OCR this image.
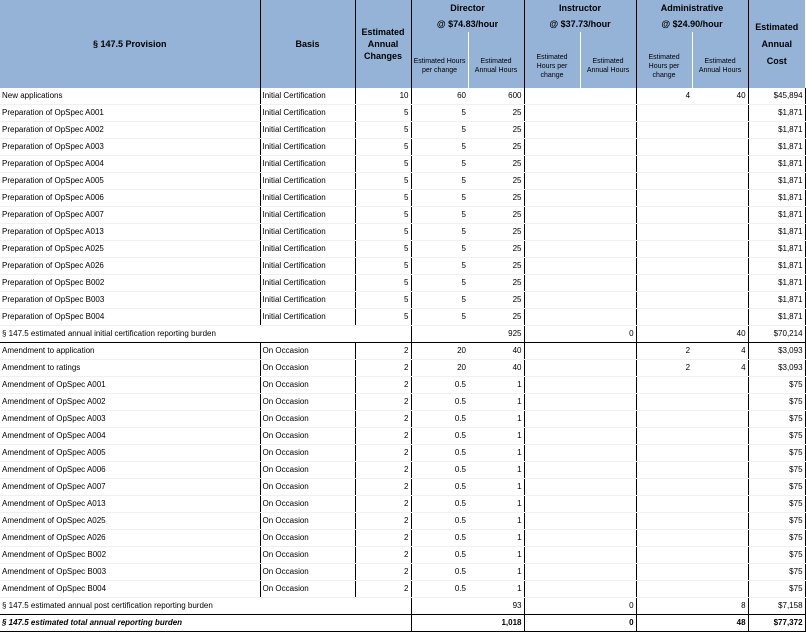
§ 147.5 Provision	Basis	Estimated Annual Changes	Director		Instructor		Administrative		Estimated Annual Cost
			@ $74.83/hour		@ $37.73/hour		@ $24.90/hour		
			Estimated Hours per change	Estimated Annual Hours	Estimated Hours per change	Estimated Annual Hours	Estimated Hours per change	Estimated Annual Hours	
New applications	Initial Certification	10	60	600			4	40	$45,894
Preparation of OpSpec A001	Initial Certification	5	5	25					$1,871
Preparation of OpSpec A002	Initial Certification	5	5	25					$1,871
Preparation of OpSpec A003	Initial Certification	5	5	25					$1,871
Preparation of OpSpec A004	Initial Certification	5	5	25					$1,871
Preparation of OpSpec A005	Initial Certification	5	5	25					$1,871
Preparation of OpSpec A006	Initial Certification	5	5	25					$1,871
Preparation of OpSpec A007	Initial Certification	5	5	25					$1,871
Preparation of OpSpec A013	Initial Certification	5	5	25					$1,871
Preparation of OpSpec A025	Initial Certification	5	5	25					$1,871
Preparation of OpSpec A026	Initial Certification	5	5	25					$1,871
Preparation of OpSpec B002	Initial Certification	5	5	25					$1,871
Preparation of OpSpec B003	Initial Certification	5	5	25					$1,871
Preparation of OpSpec B004	Initial Certification	5	5	25					$1,871
§ 147.5 estimated annual initial certification reporting burden				925		0		40	$70,214
Amendment to application	On Occasion	2	20	40			2	4	$3,093
Amendment to ratings	On Occasion	2	20	40			2	4	$3,093
Amendment of OpSpec A001	On Occasion	2	0.5	1					$75
Amendment of OpSpec A002	On Occasion	2	0.5	1					$75
Amendment of OpSpec A003	On Occasion	2	0.5	1					$75
Amendment of OpSpec A004	On Occasion	2	0.5	1					$75
Amendment of OpSpec A005	On Occasion	2	0.5	1					$75
Amendment of OpSpec A006	On Occasion	2	0.5	1					$75
Amendment of OpSpec A007	On Occasion	2	0.5	1					$75
Amendment of OpSpec A013	On Occasion	2	0.5	1					$75
Amendment of OpSpec A025	On Occasion	2	0.5	1					$75
Amendment of OpSpec A026	On Occasion	2	0.5	1					$75
Amendment of OpSpec B002	On Occasion	2	0.5	1					$75
Amendment of OpSpec B003	On Occasion	2	0.5	1					$75
Amendment of OpSpec B004	On Occasion	2	0.5	1					$75
§ 147.5 estimated annual post certification reporting burden				93		0		8	$7,158
§ 147.5 estimated total annual reporting burden				1,018		0		48	$77,372
